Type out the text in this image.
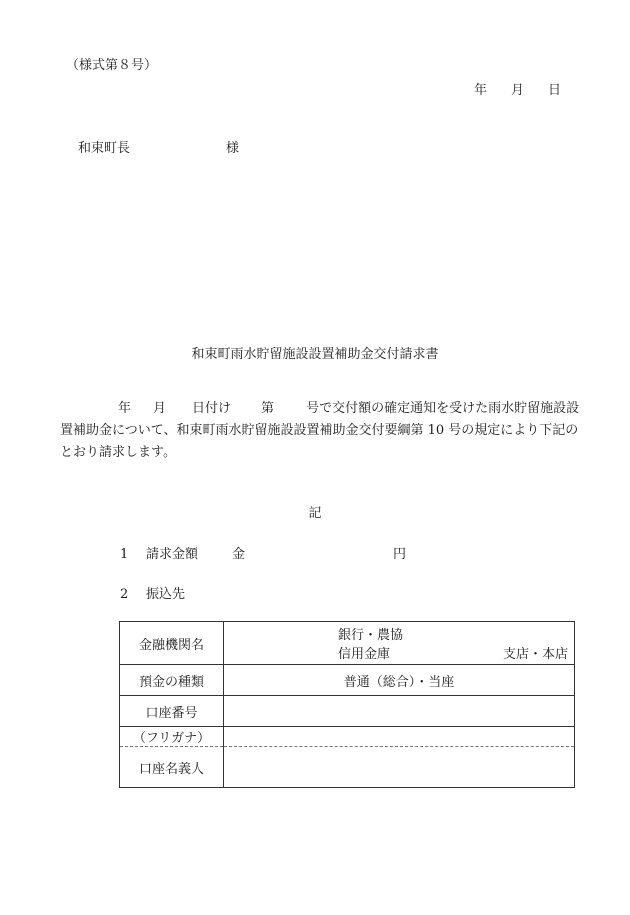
（様式第８号）
年 月 日
和束町長	様
和束町雨水貯留施設設置補助金交付請求書
年 月 日付け 第 号で交付額の確定通知を受けた雨水貯留施設設置補助金について、和束町雨水貯留施設設置補助金交付要綱第 10 号の規定により下記のとおり請求します。
記
1 請求金額	金	円
2 振込先
金融機関名	銀行・農協
信用金庫 支店・本店

預金の種類	普通（総合）・当座
口座番号	
（フリガナ）	
口座名義人	
